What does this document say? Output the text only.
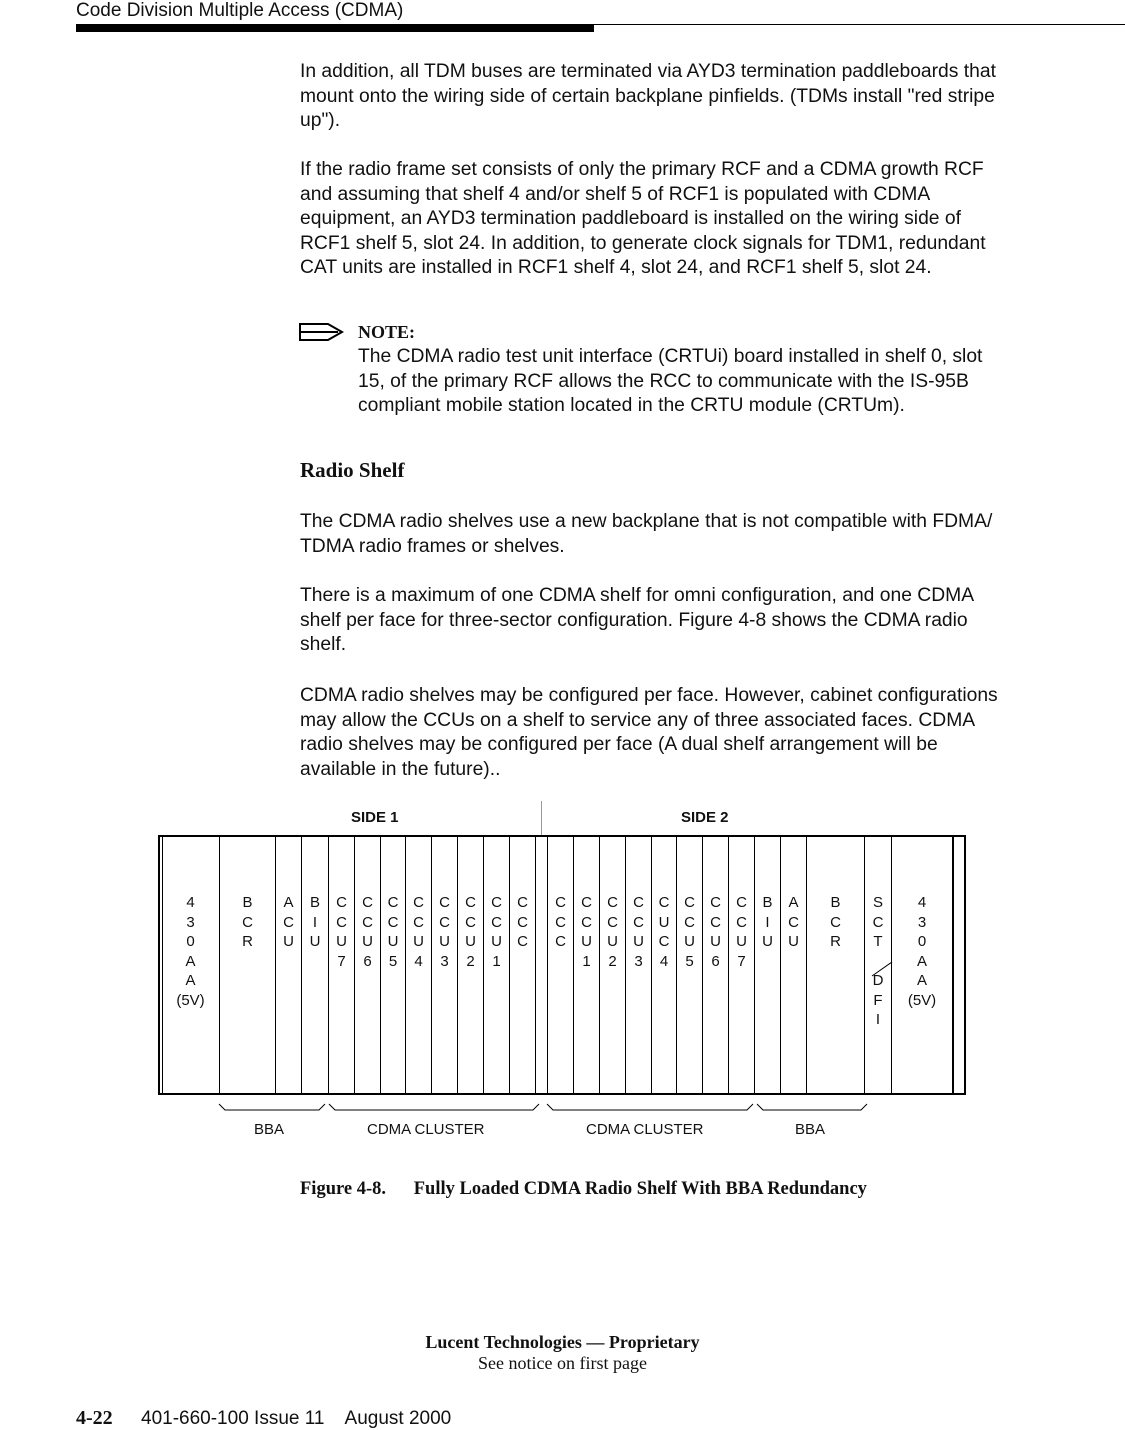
Code Division Multiple Access (CDMA)

In addition, all TDM buses are terminated via AYD3 termination paddleboards that
mount onto the wiring side of certain backplane pinfields. (TDMs install "red stripe
up").

If the radio frame set consists of only the primary RCF and a CDMA growth RCF
and assuming that shelf 4 and/or shelf 5 of RCF1 is populated with CDMA
equipment, an AYD3 termination paddleboard is installed on the wiring side of
RCF1 shelf 5, slot 24. In addition, to generate clock signals for TDM1, redundant
CAT units are installed in RCF1 shelf 4, slot 24, and RCF1 shelf 5, slot 24.

NOTE:

The CDMA radio test unit interface (CRTUi) board installed in shelf 0, slot
15, of the primary RCF allows the RCC to communicate with the IS-95B
compliant mobile station located in the CRTU module (CRTUm).

Radio Shelf

The CDMA radio shelves use a new backplane that is not compatible with FDMA/
TDMA radio frames or shelves.

There is a maximum of one CDMA shelf for omni configuration, and one CDMA
shelf per face for three-sector configuration. Figure 4-8 shows the CDMA radio
shelf.

CDMA radio shelves may be configured per face. However, cabinet configurations
may allow the CCUs on a shelf to service any of three associated faces. CDMA
radio shelves may be configured per face (A dual shelf arrangement will be
available in the future)..

SIDE 1	SIDE 2
4
3
0
A
A
(5V)
B
C
R
A
C
U
B
I
U
C
C
U
7
C
C
U
6
C
C
U
5
C
C
U
4
C
C
U
3
C
C
U
2
C
C
U
1
C
C
C
C
C
C
C
C
U
1
C
C
U
2
C
C
U
3
C
U
C
4
C
C
U
5
C
C
U
6
C
C
U
7
B
I
U
A
C
U
B
C
R
S
C
T

D
F
I
4
3
0
A
A
(5V)
BBA	CDMA CLUSTER	CDMA CLUSTER	BBA
Figure 4-8. Fully Loaded CDMA Radio Shelf With BBA Redundancy
Lucent Technologies — Proprietary
See notice on first page
4-22 401-660-100 Issue 11    August 2000
